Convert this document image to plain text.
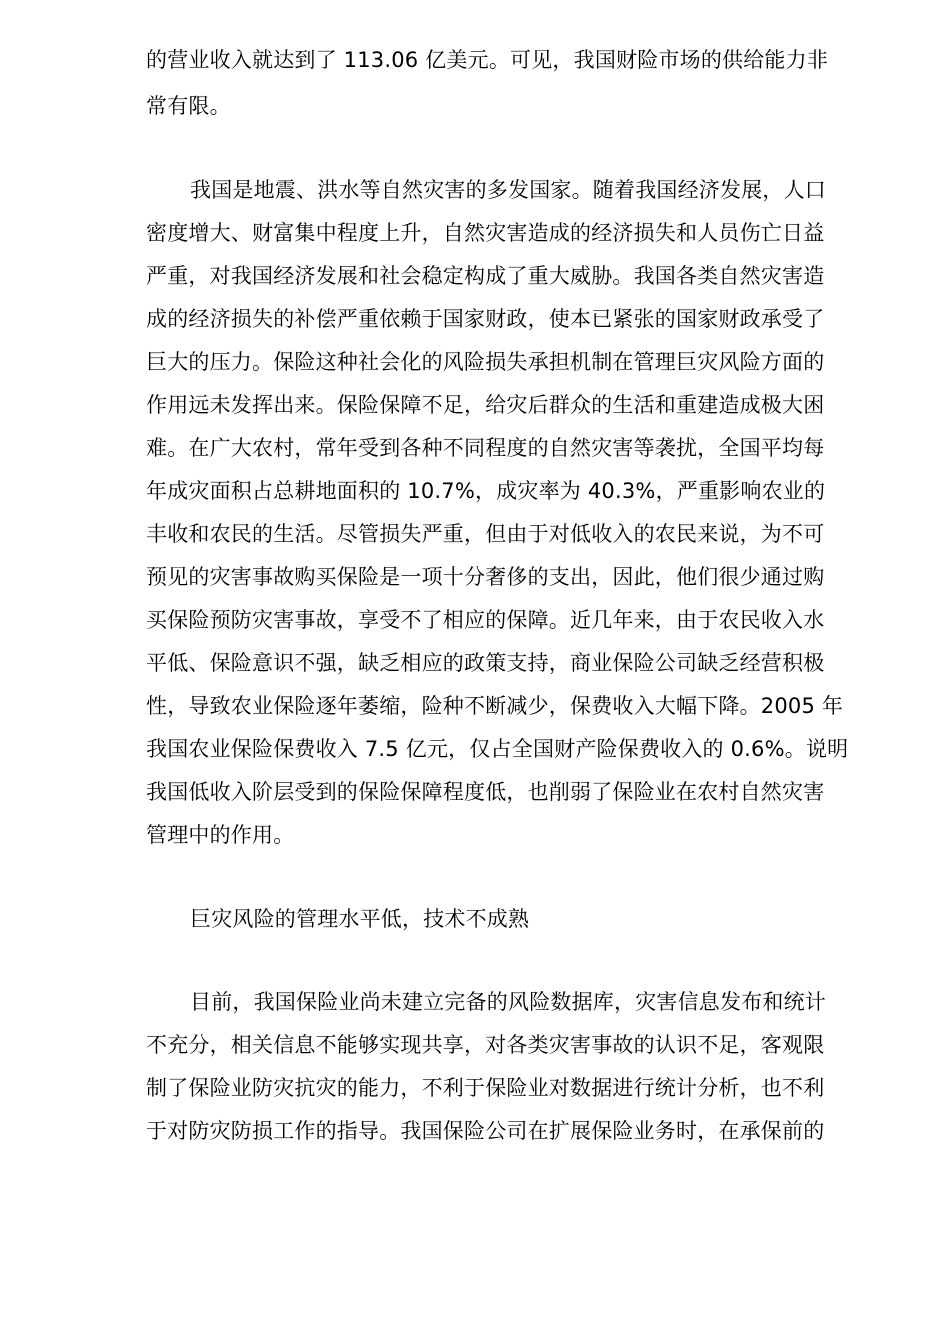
的营业收入就达到了 113.06 亿美元。可见，我国财险市场的供给能力非
常有限。
我国是地震、洪水等自然灾害的多发国家。随着我国经济发展，人口
密度增大、财富集中程度上升，自然灾害造成的经济损失和人员伤亡日益
严重，对我国经济发展和社会稳定构成了重大威胁。我国各类自然灾害造
成的经济损失的补偿严重依赖于国家财政，使本已紧张的国家财政承受了
巨大的压力。保险这种社会化的风险损失承担机制在管理巨灾风险方面的
作用远未发挥出来。保险保障不足，给灾后群众的生活和重建造成极大困
难。在广大农村，常年受到各种不同程度的自然灾害等袭扰，全国平均每
年成灾面积占总耕地面积的 10.7%，成灾率为 40.3%，严重影响农业的
丰收和农民的生活。尽管损失严重，但由于对低收入的农民来说，为不可
预见的灾害事故购买保险是一项十分奢侈的支出，因此，他们很少通过购
买保险预防灾害事故，享受不了相应的保障。近几年来，由于农民收入水
平低、保险意识不强，缺乏相应的政策支持，商业保险公司缺乏经营积极
性，导致农业保险逐年萎缩，险种不断减少，保费收入大幅下降。2005 年
我国农业保险保费收入 7.5 亿元，仅占全国财产险保费收入的 0.6%。说明
我国低收入阶层受到的保险保障程度低，也削弱了保险业在农村自然灾害
管理中的作用。
巨灾风险的管理水平低，技术不成熟
目前，我国保险业尚未建立完备的风险数据库，灾害信息发布和统计
不充分，相关信息不能够实现共享，对各类灾害事故的认识不足，客观限
制了保险业防灾抗灾的能力，不利于保险业对数据进行统计分析，也不利
于对防灾防损工作的指导。我国保险公司在扩展保险业务时，在承保前的
